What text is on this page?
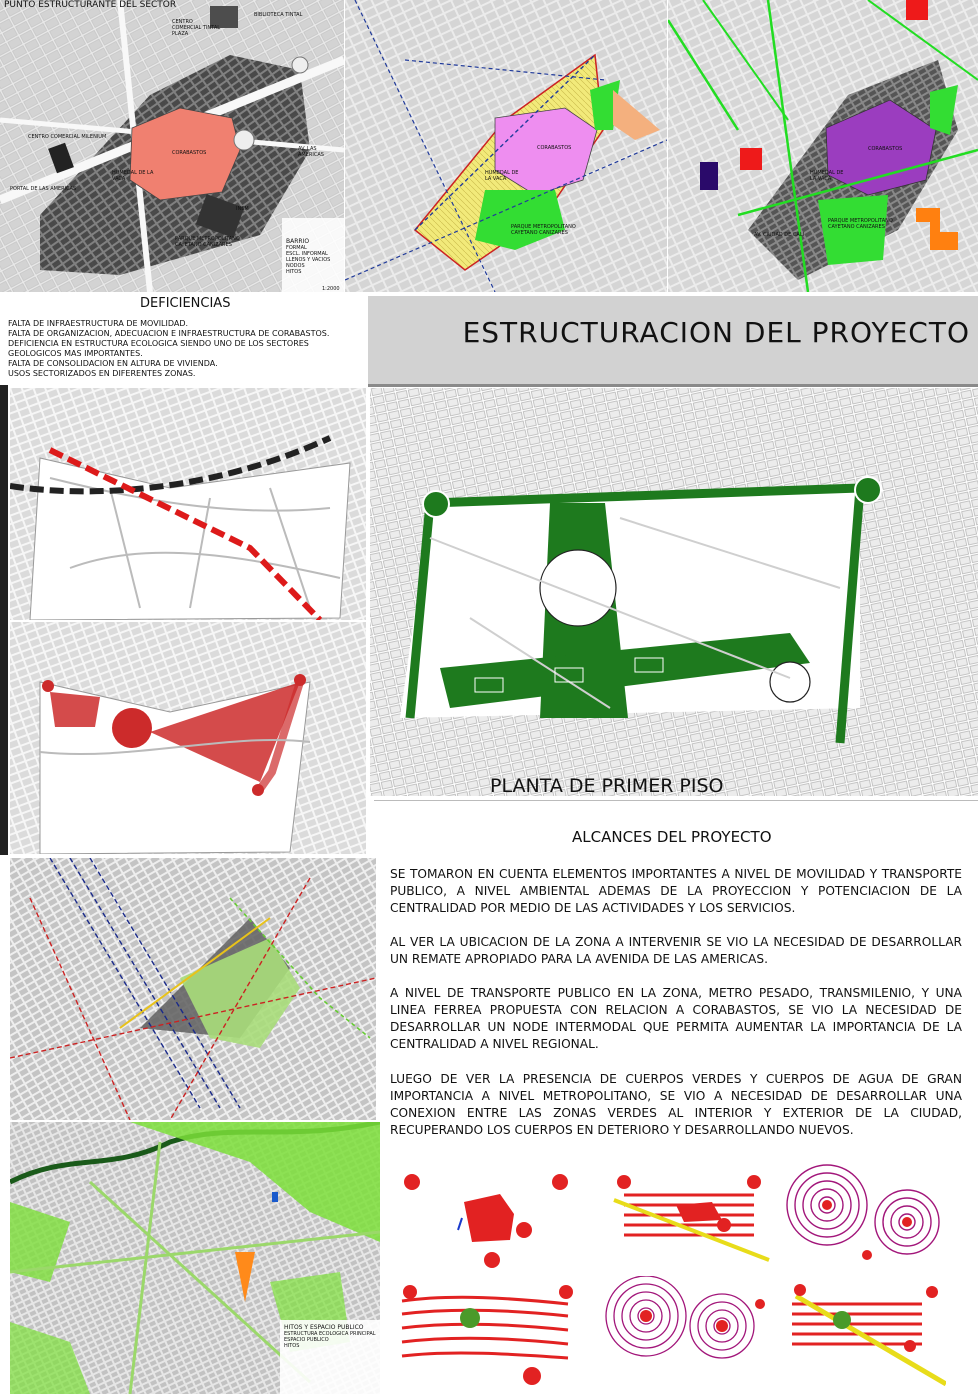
PUNTO ESTRUCTURANTE DEL SECTOR
BIBLIOTECA TINTAL
CENTRO COMERCIAL TINTAL PLAZA
CENTRO COMERCIAL MILENIUM
CORABASTOS
AV. LAS AMERICAS
PORTAL DE LAS AMERICAS
HUMEDAL DE LA VACA
INEM
PARQUE METROPOLITANO CAYETANO CANIZARES	BARRIO
FORMAL
ESCL. INFORMAL
LLENOS Y VACIOS
NODOS
HITOS
1:2000
CORABASTOS
HUMEDAL DE LA VACA
PARQUE METROPOLITANO CAYETANO CANIZARES
CORABASTOS
AV. CIUDAD DE CALI
PARQUE METROPOLITANO CAYETANO CANIZARES
HUMEDAL DE LA VACA
DEFICIENCIAS
FALTA DE INFRAESTRUCTURA DE MOVILIDAD.
FALTA DE ORGANIZACION, ADECUACION E INFRAESTRUCTURA DE CORABASTOS.
DEFICIENCIA EN ESTRUCTURA ECOLOGICA SIENDO UNO DE LOS SECTORES
GEOLOGICOS MAS IMPORTANTES.
FALTA DE CONSOLIDACION EN ALTURA DE VIVIENDA.
USOS SECTORIZADOS EN DIFERENTES ZONAS.
ESTRUCTURACION DEL PROYECTO
HITOS Y ESPACIO PUBLICO
ESTRUCTURA ECOLOGICA PRINCIPAL
ESPACIO PUBLICO
HITOS
PLANTA DE PRIMER PISO
ALCANCES DEL PROYECTO

SE TOMARON EN CUENTA ELEMENTOS IMPORTANTES A NIVEL DE MOVILIDAD Y TRANSPORTE PUBLICO, A NIVEL AMBIENTAL ADEMAS DE LA PROYECCION Y POTENCIACION DE LA CENTRALIDAD POR MEDIO DE LAS ACTIVIDADES Y LOS SERVICIOS.

AL VER LA UBICACION DE LA ZONA A INTERVENIR SE VIO LA NECESIDAD DE DESARROLLAR UN REMATE APROPIADO PARA LA AVENIDA DE LAS AMERICAS.

A NIVEL DE TRANSPORTE PUBLICO EN LA ZONA, METRO PESADO, TRANSMILENIO, Y UNA LINEA FERREA PROPUESTA CON RELACION A CORABASTOS, SE VIO LA NECESIDAD DE DESARROLLAR UN NODE INTERMODAL QUE PERMITA AUMENTAR LA IMPORTANCIA DE LA CENTRALIDAD A NIVEL REGIONAL.

LUEGO DE VER LA PRESENCIA DE CUERPOS VERDES Y CUERPOS DE AGUA DE GRAN IMPORTANCIA A NIVEL METROPOLITANO, SE VIO A NECESIDAD DE DESARROLLAR UNA CONEXION ENTRE LAS ZONAS VERDES AL INTERIOR Y EXTERIOR DE LA CIUDAD, RECUPERANDO LOS CUERPOS EN DETERIORO Y DESARROLLANDO NUEVOS.
